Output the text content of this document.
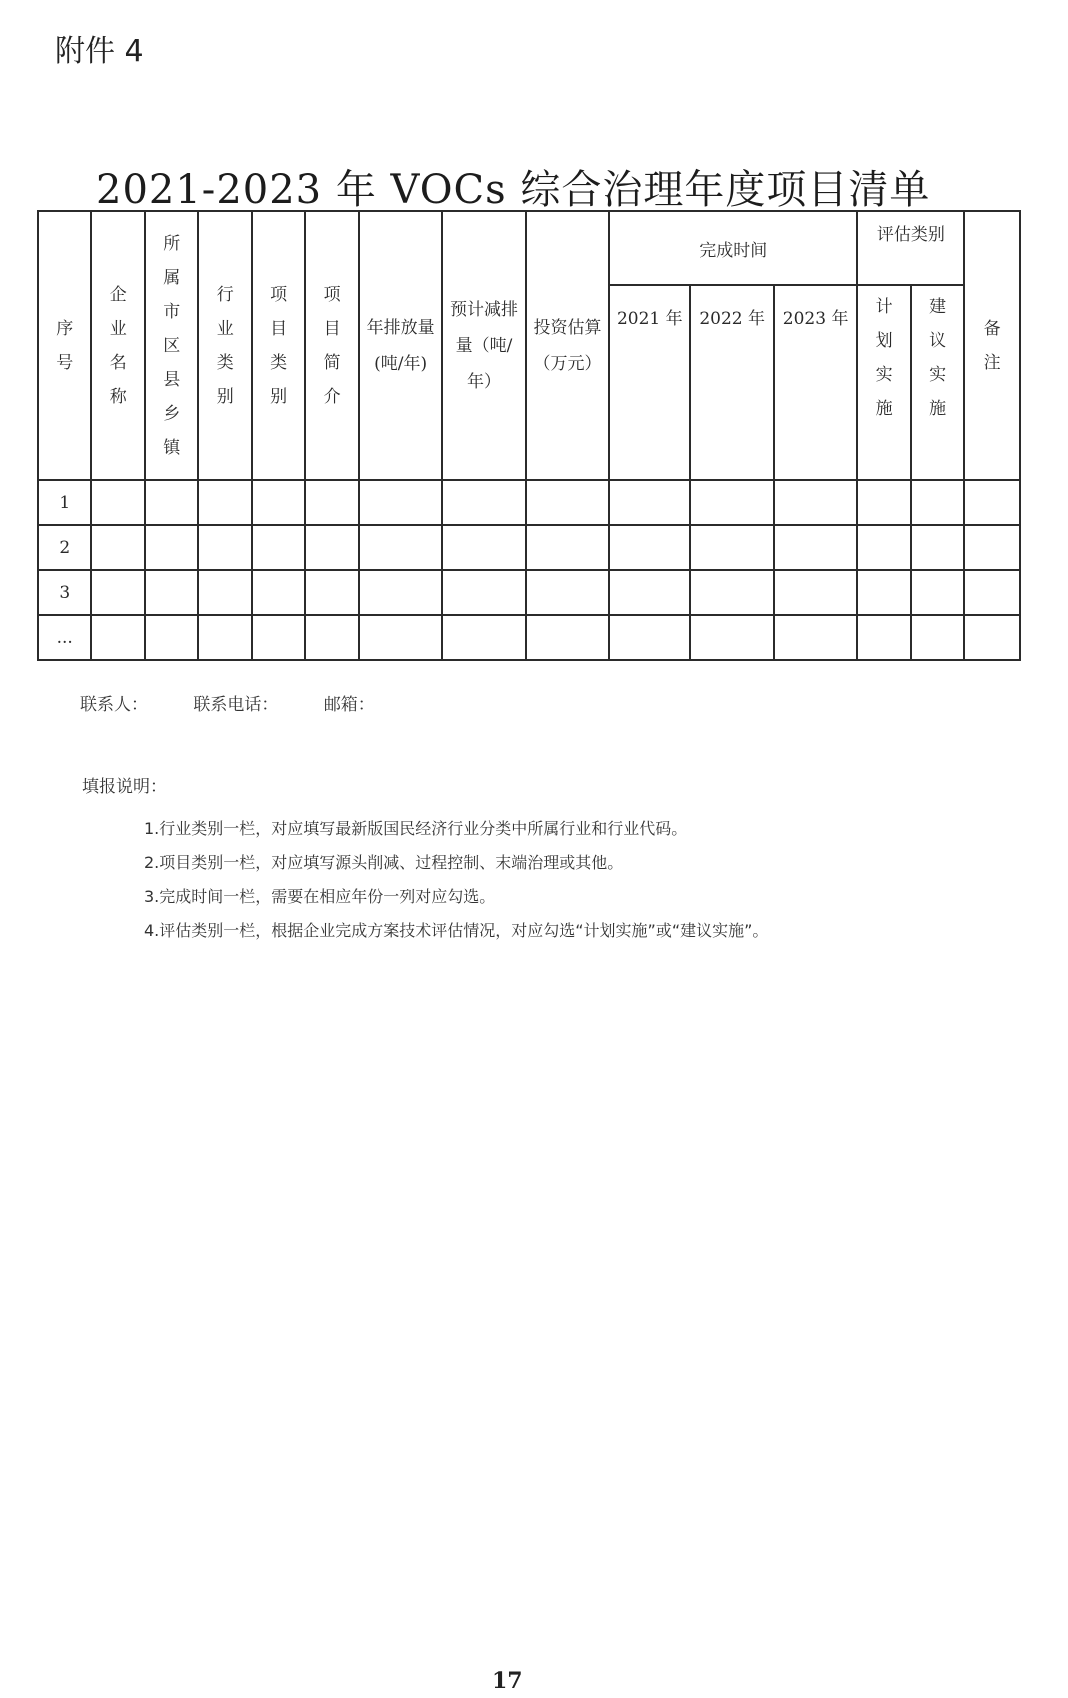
附件 4
2021-2023 年 VOCs 综合治理年度项目清单
序号	企业名称	所属市区县乡镇	行业类别	项目类别	项目简介	年排放量(吨/年)	预计减排量（吨/年）	投资估算（万元）	完成时间			评估类别		备注
									2021 年	2022 年	2023 年	计划实施	建议实施	
1														
2														
3														
...														
联系人：	联系电话：	邮箱：
填报说明：
1.行业类别一栏，对应填写最新版国民经济行业分类中所属行业和行业代码。
2.项目类别一栏，对应填写源头削减、过程控制、末端治理或其他。
3.完成时间一栏，需要在相应年份一列对应勾选。
4.评估类别一栏，根据企业完成方案技术评估情况，对应勾选“计划实施”或“建议实施”。
17
